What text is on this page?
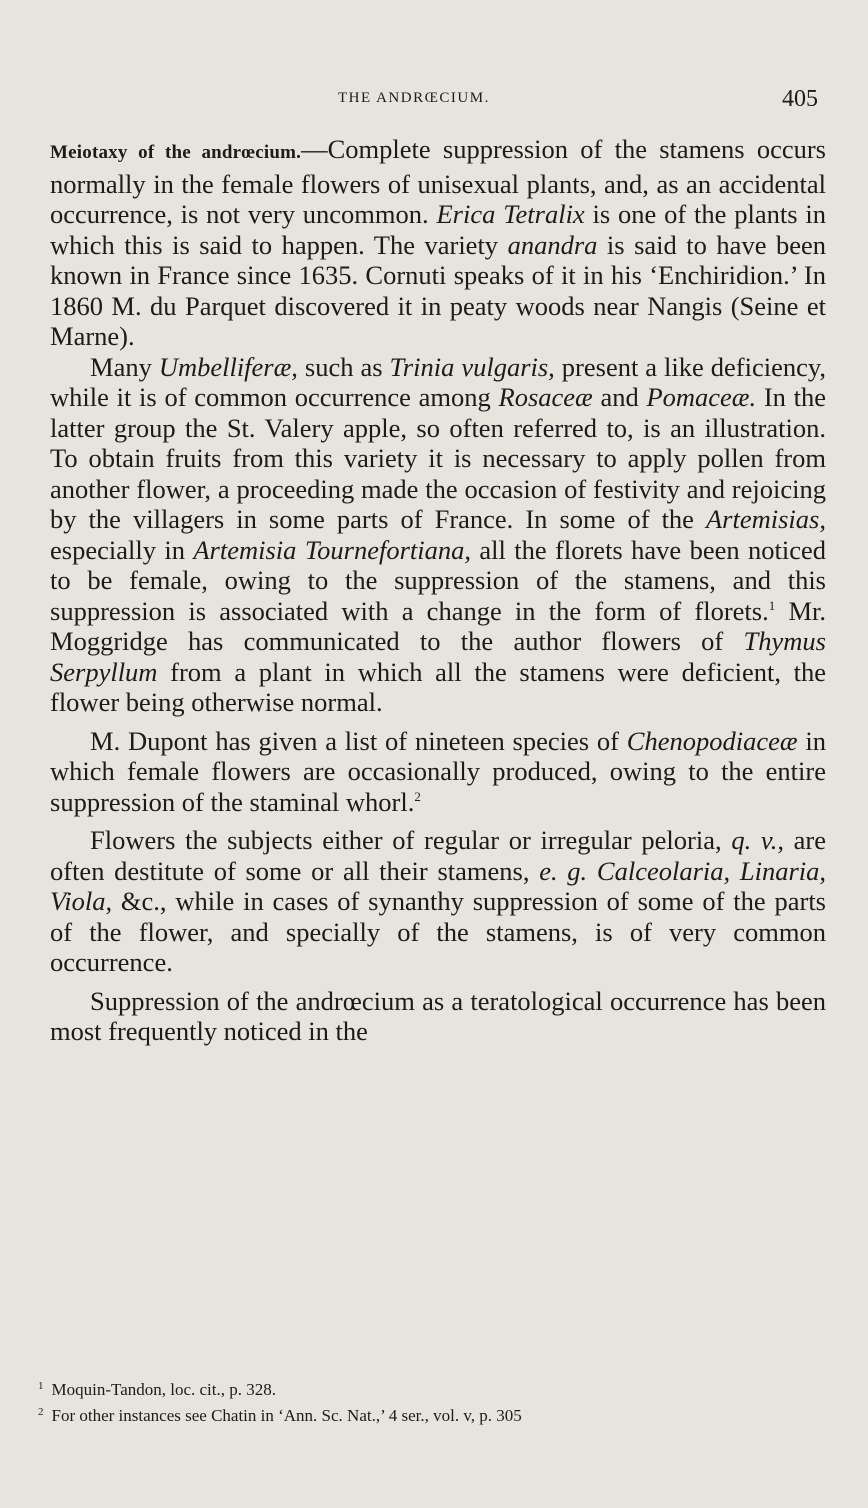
THE ANDRŒCIUM.	405

Meiotaxy of the andrœcium.—Complete suppression of the stamens occurs normally in the female flowers of unisexual plants, and, as an accidental occurrence, is not very uncommon. Erica Tetralix is one of the plants in which this is said to happen. The variety anandra is said to have been known in France since 1635. Cornuti speaks of it in his ‘Enchiridion.’ In 1860 M. du Parquet discovered it in peaty woods near Nangis (Seine et Marne).

Many Umbelliferæ, such as Trinia vulgaris, present a like deficiency, while it is of common occurrence among Rosaceæ and Pomaceæ. In the latter group the St. Valery apple, so often referred to, is an illustration. To obtain fruits from this variety it is necessary to apply pollen from another flower, a proceeding made the occasion of festivity and rejoicing by the villagers in some parts of France. In some of the Artemisias, especially in Artemisia Tournefortiana, all the florets have been noticed to be female, owing to the suppression of the stamens, and this suppression is associated with a change in the form of florets.$^1$ Mr. Moggridge has communicated to the author flowers of Thymus Serpyllum from a plant in which all the stamens were deficient, the flower being otherwise normal.

M. Dupont has given a list of nineteen species of Chenopodiaceæ in which female flowers are occasionally produced, owing to the entire suppression of the staminal whorl.$^2$

Flowers the subjects either of regular or irregular peloria, q. v., are often destitute of some or all their stamens, e. g. Calceolaria, Linaria, Viola, &c., while in cases of synanthy suppression of some of the parts of the flower, and specially of the stamens, is of very common occurrence.

Suppression of the andrœcium as a teratological occurrence has been most frequently noticed in the

$^1$ Moquin-Tandon, loc. cit., p. 328.

$^2$ For other instances see Chatin in ‘Ann. Sc. Nat.,’ 4 ser., vol. v, p. 305
